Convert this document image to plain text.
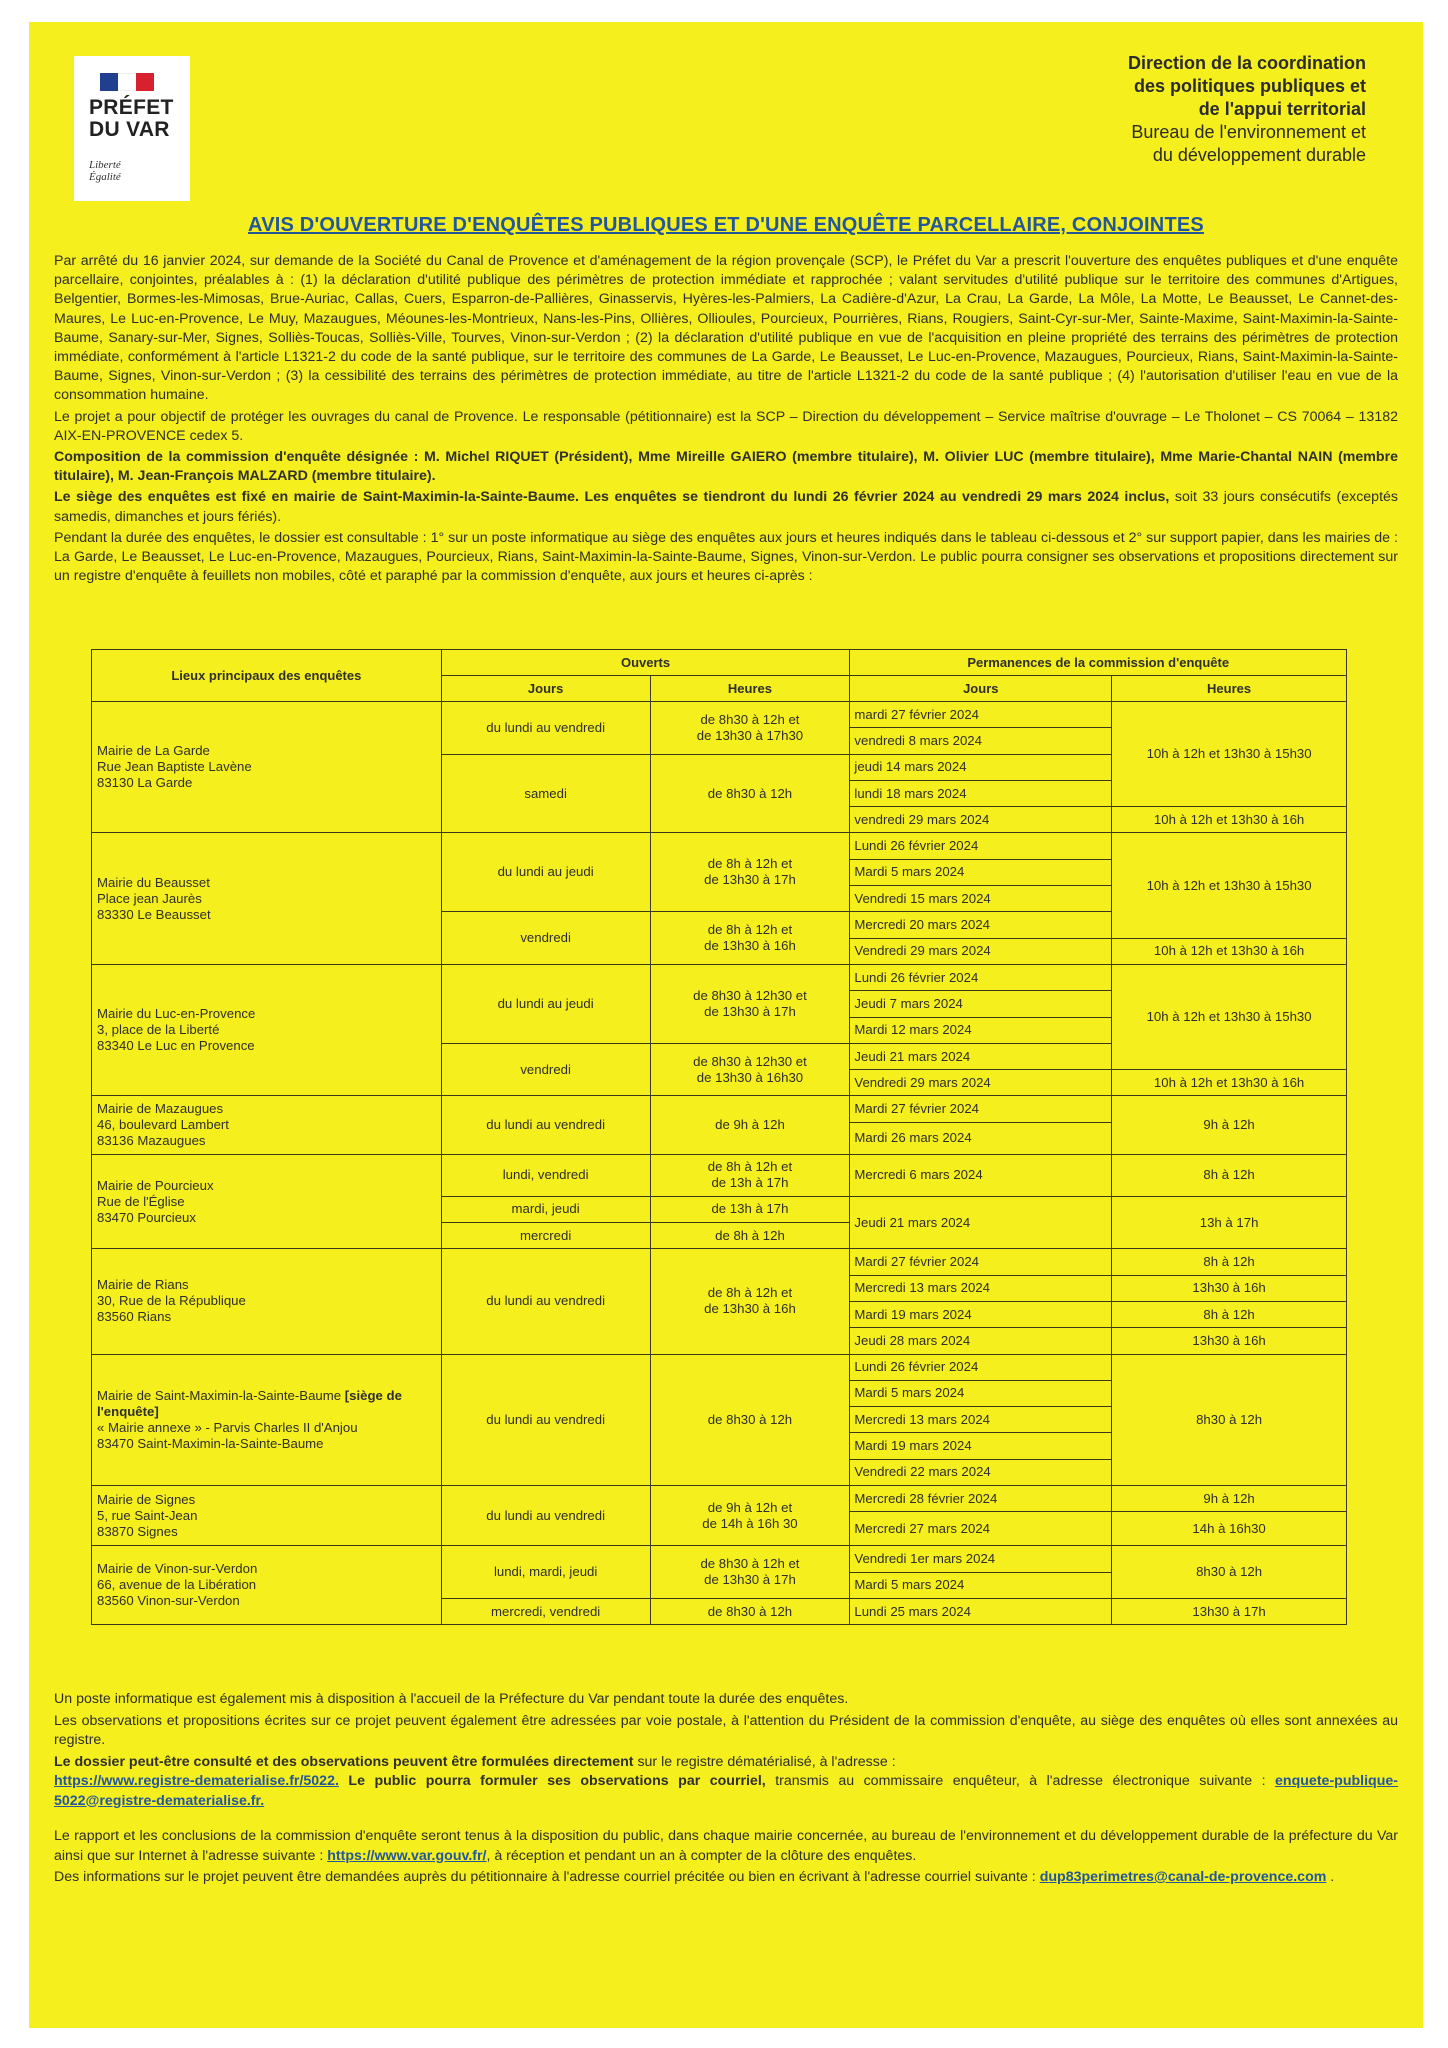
PRÉFET
DU VAR
Liberté
Égalité
Direction de la coordination
des politiques publiques et
de l'appui territorial
Bureau de l'environnement et
du développement durable
AVIS D'OUVERTURE D'ENQUÊTES PUBLIQUES ET D'UNE ENQUÊTE PARCELLAIRE, CONJOINTES

Par arrêté du 16 janvier 2024, sur demande de la Société du Canal de Provence et d'aménagement de la région provençale (SCP), le Préfet du Var a prescrit l'ouverture des enquêtes publiques et d'une enquête parcellaire, conjointes, préalables à : (1) la déclaration d'utilité publique des périmètres de protection immédiate et rapprochée ; valant servitudes d'utilité publique sur le territoire des communes d'Artigues, Belgentier, Bormes-les-Mimosas, Brue-Auriac, Callas, Cuers, Esparron-de-Pallières, Ginasservis, Hyères-les-Palmiers, La Cadière-d'Azur, La Crau, La Garde, La Môle, La Motte, Le Beausset, Le Cannet-des-Maures, Le Luc-en-Provence, Le Muy, Mazaugues, Méounes-les-Montrieux, Nans-les-Pins, Ollières, Ollioules, Pourcieux, Pourrières, Rians, Rougiers, Saint-Cyr-sur-Mer, Sainte-Maxime, Saint-Maximin-la-Sainte-Baume, Sanary-sur-Mer, Signes, Solliès-Toucas, Solliès-Ville, Tourves, Vinon-sur-Verdon ; (2) la déclaration d'utilité publique en vue de l'acquisition en pleine propriété des terrains des périmètres de protection immédiate, conformément à l'article L1321-2 du code de la santé publique, sur le territoire des communes de La Garde, Le Beausset, Le Luc-en-Provence, Mazaugues, Pourcieux, Rians, Saint-Maximin-la-Sainte-Baume, Signes, Vinon-sur-Verdon ; (3) la cessibilité des terrains des périmètres de protection immédiate, au titre de l'article L1321-2 du code de la santé publique ; (4) l'autorisation d'utiliser l'eau en vue de la consommation humaine.

Le projet a pour objectif de protéger les ouvrages du canal de Provence. Le responsable (pétitionnaire) est la SCP – Direction du développement – Service maîtrise d'ouvrage – Le Tholonet – CS 70064 – 13182 AIX-EN-PROVENCE cedex 5.

Composition de la commission d'enquête désignée : M. Michel RIQUET (Président), Mme Mireille GAIERO (membre titulaire), M. Olivier LUC (membre titulaire), Mme Marie-Chantal NAIN (membre titulaire), M. Jean-François MALZARD (membre titulaire).

Le siège des enquêtes est fixé en mairie de Saint-Maximin-la-Sainte-Baume. Les enquêtes se tiendront du lundi 26 février 2024 au vendredi 29 mars 2024 inclus, soit 33 jours consécutifs (exceptés samedis, dimanches et jours fériés).

Pendant la durée des enquêtes, le dossier est consultable : 1° sur un poste informatique au siège des enquêtes aux jours et heures indiqués dans le tableau ci-dessous et 2° sur support papier, dans les mairies de : La Garde, Le Beausset, Le Luc-en-Provence, Mazaugues, Pourcieux, Rians, Saint-Maximin-la-Sainte-Baume, Signes, Vinon-sur-Verdon. Le public pourra consigner ses observations et propositions directement sur un registre d'enquête à feuillets non mobiles, côté et paraphé par la commission d'enquête, aux jours et heures ci-après :

Lieux principaux des enquêtes	Ouverts		Permanences de la commission d'enquête	
	Jours	Heures	Jours	Heures
Mairie de La Garde
Rue Jean Baptiste Lavène
83130 La Garde	du lundi au vendredi	de 8h30 à 12h et
de 13h30 à 17h30	mardi 27 février 2024	10h à 12h et 13h30 à 15h30
			vendredi 8 mars 2024	
	samedi	de 8h30 à 12h	jeudi 14 mars 2024	
			lundi 18 mars 2024	
			vendredi 29 mars 2024	10h à 12h et 13h30 à 16h
Mairie du Beausset
Place jean Jaurès
83330 Le Beausset	du lundi au jeudi	de 8h à 12h et
de 13h30 à 17h	Lundi 26 février 2024	10h à 12h et 13h30 à 15h30
			Mardi 5 mars 2024	
			Vendredi 15 mars 2024	
	vendredi	de 8h à 12h et
de 13h30 à 16h	Mercredi 20 mars 2024	
			Vendredi 29 mars 2024	10h à 12h et 13h30 à 16h
Mairie du Luc-en-Provence
3, place de la Liberté
83340 Le Luc en Provence	du lundi au jeudi	de 8h30 à 12h30 et
de 13h30 à 17h	Lundi 26 février 2024	10h à 12h et 13h30 à 15h30
			Jeudi 7 mars 2024	
			Mardi 12 mars 2024	
	vendredi	de 8h30 à 12h30 et
de 13h30 à 16h30	Jeudi 21 mars 2024	
			Vendredi 29 mars 2024	10h à 12h et 13h30 à 16h
Mairie de Mazaugues
46, boulevard Lambert
83136 Mazaugues	du lundi au vendredi	de 9h à 12h	Mardi 27 février 2024	9h à 12h
			Mardi 26 mars 2024	
Mairie de Pourcieux
Rue de l'Église
83470 Pourcieux	lundi, vendredi	de 8h à 12h et
de 13h à 17h	Mercredi 6 mars 2024	8h à 12h
	mardi, jeudi	de 13h à 17h	Jeudi 21 mars 2024	13h à 17h
	mercredi	de 8h à 12h		
Mairie de Rians
30, Rue de la République
83560 Rians	du lundi au vendredi	de 8h à 12h et
de 13h30 à 16h	Mardi 27 février 2024	8h à 12h
			Mercredi 13 mars 2024	13h30 à 16h
			Mardi 19 mars 2024	8h à 12h
			Jeudi 28 mars 2024	13h30 à 16h
Mairie de Saint-Maximin-la-Sainte-Baume [siège de l'enquête]
« Mairie annexe » - Parvis Charles II d'Anjou
83470 Saint-Maximin-la-Sainte-Baume	du lundi au vendredi	de 8h30 à 12h	Lundi 26 février 2024	8h30 à 12h
			Mardi 5 mars 2024	
			Mercredi 13 mars 2024	
			Mardi 19 mars 2024	
			Vendredi 22 mars 2024	
Mairie de Signes
5, rue Saint-Jean
83870 Signes	du lundi au vendredi	de 9h à 12h et
de 14h à 16h 30	Mercredi 28 février 2024	9h à 12h
			Mercredi 27 mars 2024	14h à 16h30
Mairie de Vinon-sur-Verdon
66, avenue de la Libération
83560 Vinon-sur-Verdon	lundi, mardi, jeudi	de 8h30 à 12h et
de 13h30 à 17h	Vendredi 1er mars 2024	8h30 à 12h
			Mardi 5 mars 2024	
	mercredi, vendredi	de 8h30 à 12h	Lundi 25 mars 2024	13h30 à 17h

Un poste informatique est également mis à disposition à l'accueil de la Préfecture du Var pendant toute la durée des enquêtes.

Les observations et propositions écrites sur ce projet peuvent également être adressées par voie postale, à l'attention du Président de la commission d'enquête, au siège des enquêtes où elles sont annexées au registre.

Le dossier peut-être consulté et des observations peuvent être formulées directement sur le registre dématérialisé, à l'adresse :
https://www.registre-dematerialise.fr/5022. Le public pourra formuler ses observations par courriel, transmis au commissaire enquêteur, à l'adresse électronique suivante : enquete-publique-5022@registre-dematerialise.fr.

Le rapport et les conclusions de la commission d'enquête seront tenus à la disposition du public, dans chaque mairie concernée, au bureau de l'environnement et du développement durable de la préfecture du Var ainsi que sur Internet à l'adresse suivante : https://www.var.gouv.fr/, à réception et pendant un an à compter de la clôture des enquêtes.

Des informations sur le projet peuvent être demandées auprès du pétitionnaire à l'adresse courriel précitée ou bien en écrivant à l'adresse courriel suivante : dup83perimetres@canal-de-provence.com .
